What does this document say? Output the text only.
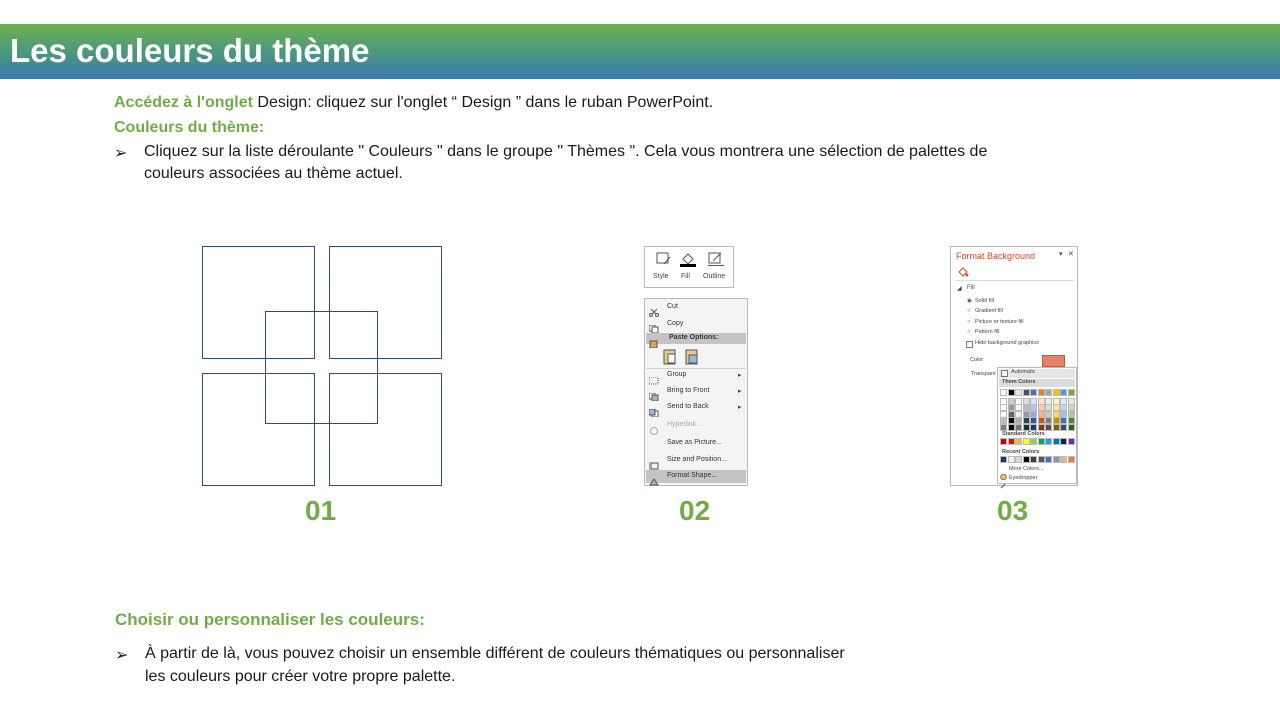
Les couleurs du thème
Accédez à l'onglet Design: cliquez sur l'onglet “ Design ” dans le ruban PowerPoint.
Couleurs du thème:
➢ Cliquez sur la liste déroulante " Couleurs " dans le groupe " Thèmes ". Cela vous montrera une sélection de palettes de
couleurs associées au thème actuel.
Style Fill Outline
Cut
Copy
Paste Options:
Group	▸
Bring to Front	▸
Send to Back	▸
Hyperlink...
Save as Picture...
Size and Position...
Format Shape...
Format Background	▾ ✕
◢ Fill
◉ Solid fill
○ Gradient fill
○ Picture or texture fill
○ Pattern fill
Hide background graphics
Color
Transpare	Automatic
Them Colors
Standard Colors
Recent Colors
More Colors...
Eyedropper
01	02	03
Choisir ou personnaliser les couleurs:
➢ À partir de là, vous pouvez choisir un ensemble différent de couleurs thématiques ou personnaliser
les couleurs pour créer votre propre palette.
